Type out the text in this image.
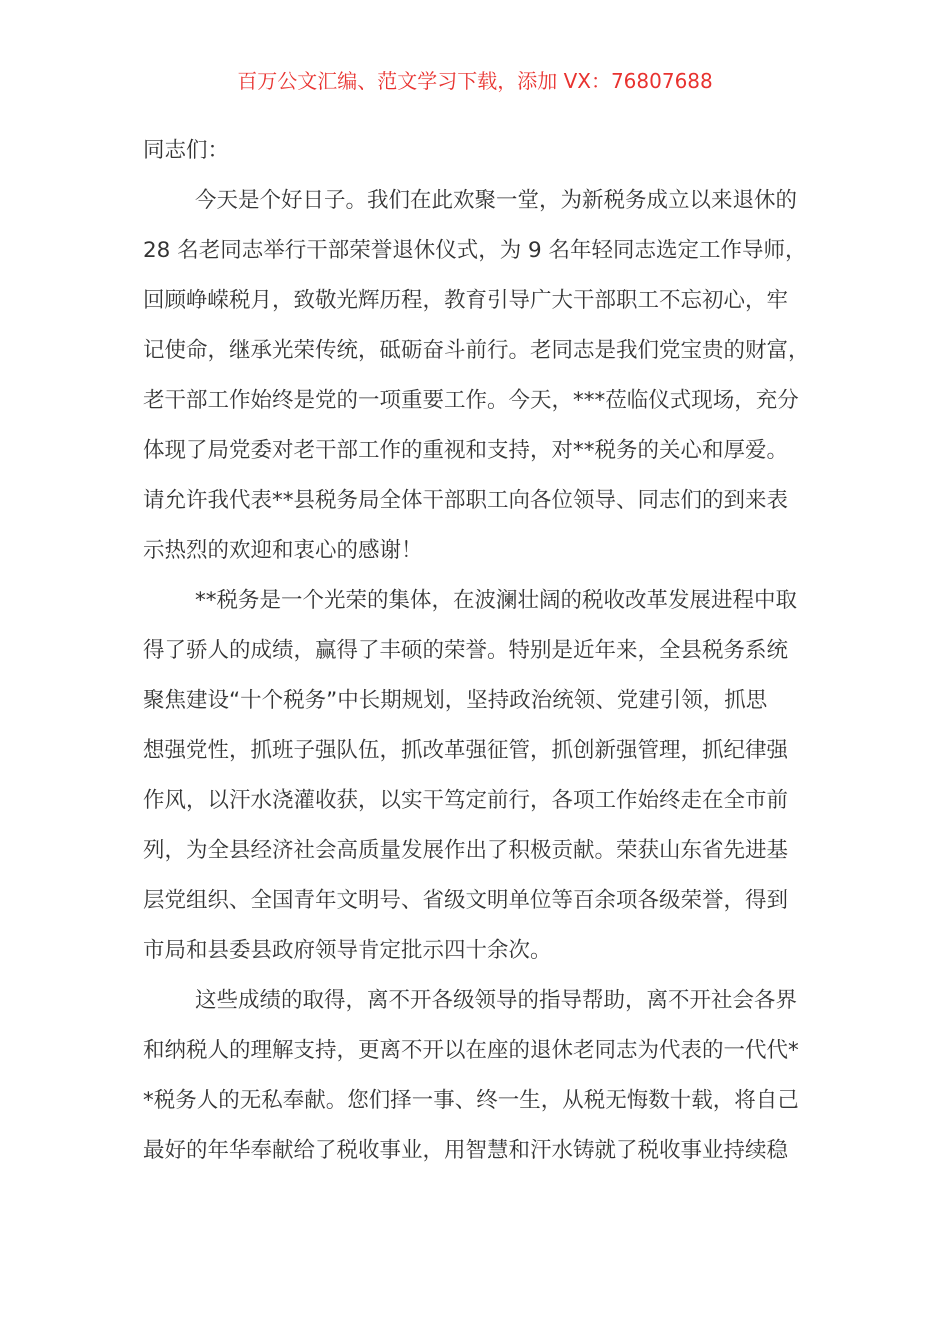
百万公文汇编、范文学习下载，添加 VX：76807688
同志们：
今天是个好日子。我们在此欢聚一堂，为新税务成立以来退休的
28 名老同志举行干部荣誉退休仪式，为 9 名年轻同志选定工作导师，
回顾峥嵘税月，致敬光辉历程，教育引导广大干部职工不忘初心，牢
记使命，继承光荣传统，砥砺奋斗前行。老同志是我们党宝贵的财富，
老干部工作始终是党的一项重要工作。今天，***莅临仪式现场，充分
体现了局党委对老干部工作的重视和支持，对**税务的关心和厚爱。
请允许我代表**县税务局全体干部职工向各位领导、同志们的到来表
示热烈的欢迎和衷心的感谢！
**税务是一个光荣的集体，在波澜壮阔的税收改革发展进程中取
得了骄人的成绩，赢得了丰硕的荣誉。特别是近年来，全县税务系统
聚焦建设“十个税务”中长期规划，坚持政治统领、党建引领，抓思
想强党性，抓班子强队伍，抓改革强征管，抓创新强管理，抓纪律强
作风，以汗水浇灌收获，以实干笃定前行，各项工作始终走在全市前
列，为全县经济社会高质量发展作出了积极贡献。荣获山东省先进基
层党组织、全国青年文明号、省级文明单位等百余项各级荣誉，得到
市局和县委县政府领导肯定批示四十余次。
这些成绩的取得，离不开各级领导的指导帮助，离不开社会各界
和纳税人的理解支持，更离不开以在座的退休老同志为代表的一代代*
*税务人的无私奉献。您们择一事、终一生，从税无悔数十载，将自己
最好的年华奉献给了税收事业，用智慧和汗水铸就了税收事业持续稳
